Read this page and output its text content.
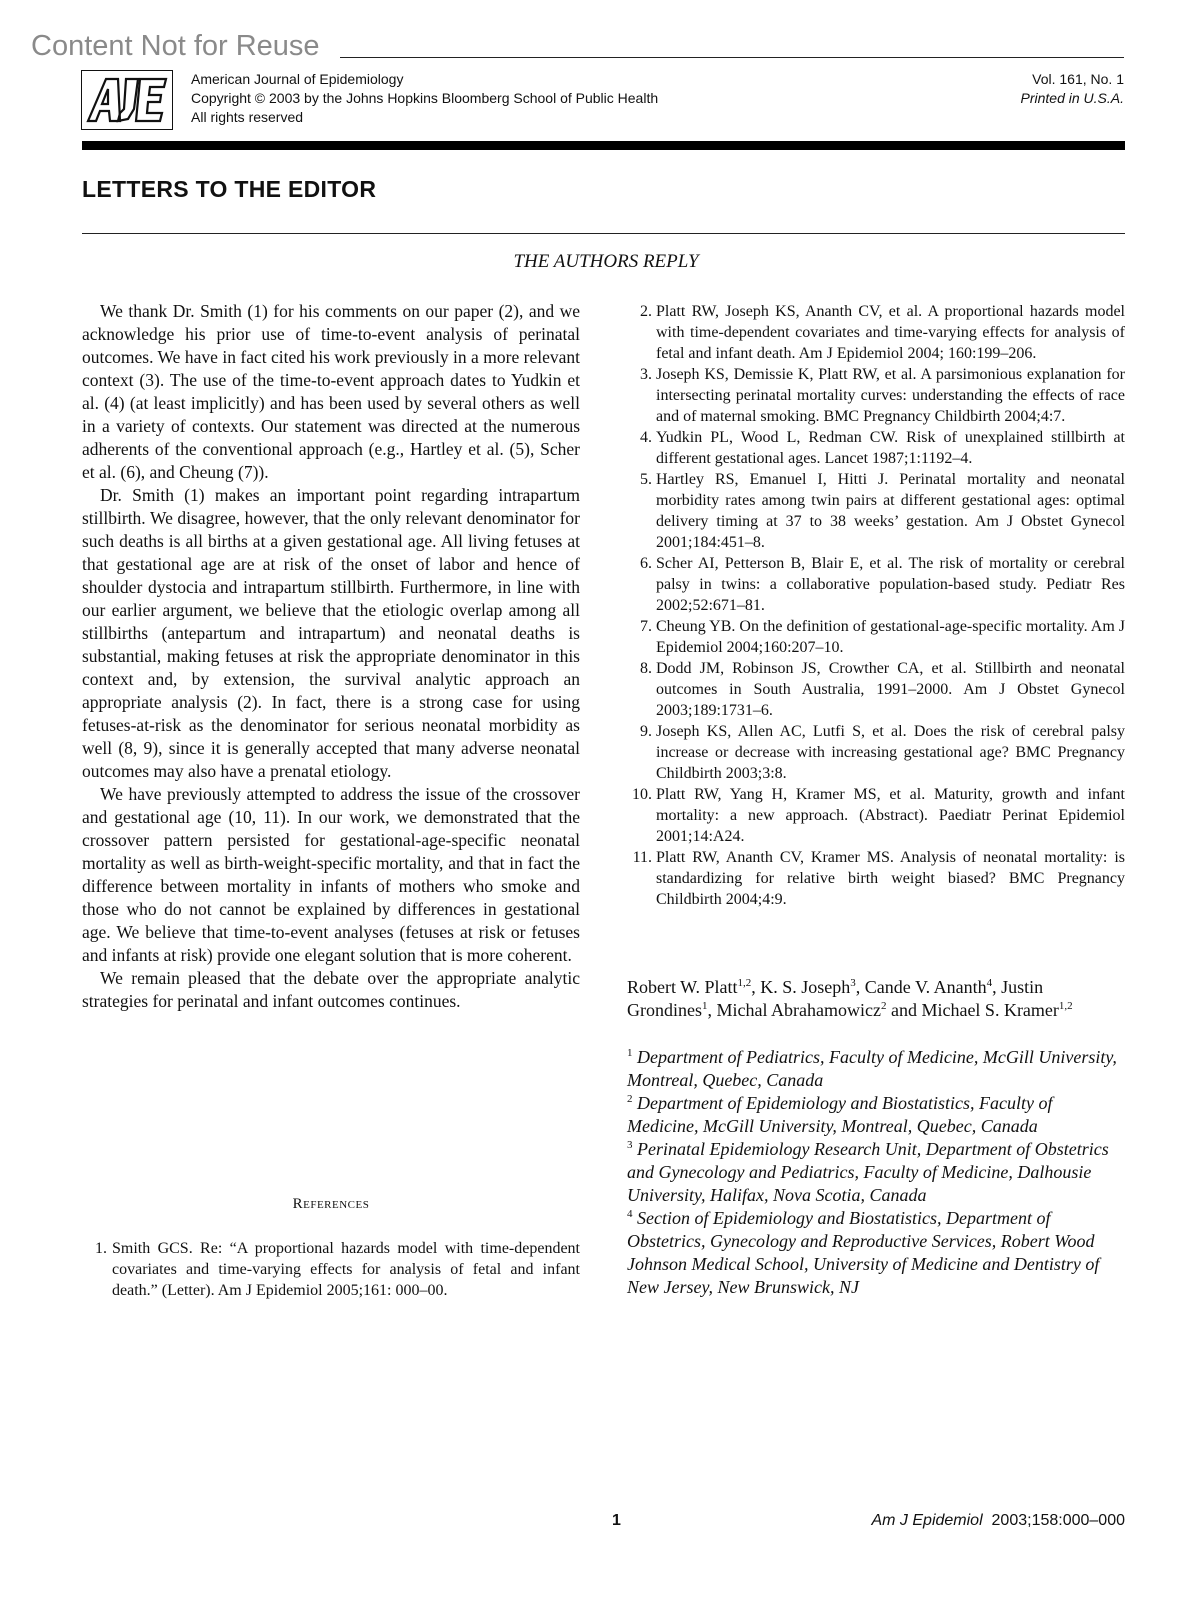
Content Not for Reuse
AJE
American Journal of Epidemiology
Copyright © 2003 by the Johns Hopkins Bloomberg School of Public Health
All rights reserved
Vol. 161, No. 1
Printed in U.S.A.
LETTERS TO THE EDITOR
THE AUTHORS REPLY

We thank Dr. Smith (1) for his comments on our paper (2), and we acknowledge his prior use of time-to-event analysis of perinatal outcomes. We have in fact cited his work previously in a more relevant context (3). The use of the time-to-event approach dates to Yudkin et al. (4) (at least implicitly) and has been used by several others as well in a variety of contexts. Our statement was directed at the numerous adherents of the conventional approach (e.g., Hartley et al. (5), Scher et al. (6), and Cheung (7)).

Dr. Smith (1) makes an important point regarding intrapartum stillbirth. We disagree, however, that the only relevant denominator for such deaths is all births at a given gestational age. All living fetuses at that gestational age are at risk of the onset of labor and hence of shoulder dystocia and intrapartum stillbirth. Furthermore, in line with our earlier argument, we believe that the etiologic overlap among all stillbirths (antepartum and intrapartum) and neonatal deaths is substantial, making fetuses at risk the appropriate denominator in this context and, by extension, the survival analytic approach an appropriate analysis (2). In fact, there is a strong case for using fetuses-at-risk as the denominator for serious neonatal morbidity as well (8, 9), since it is generally accepted that many adverse neonatal outcomes may also have a prenatal etiology.

We have previously attempted to address the issue of the crossover and gestational age (10, 11). In our work, we demonstrated that the crossover pattern persisted for gestational-age-specific neonatal mortality as well as birth-weight-specific mortality, and that in fact the difference between mortality in infants of mothers who smoke and those who do not cannot be explained by differences in gestational age. We believe that time-to-event analyses (fetuses at risk or fetuses and infants at risk) provide one elegant solution that is more coherent.

We remain pleased that the debate over the appropriate analytic strategies for perinatal and infant outcomes continues.

References
1. Smith GCS. Re: “A proportional hazards model with time-dependent covariates and time-varying effects for analysis of fetal and infant death.” (Letter). Am J Epidemiol 2005;161: 000–00.
2. Platt RW, Joseph KS, Ananth CV, et al. A proportional hazards model with time-dependent covariates and time-varying effects for analysis of fetal and infant death. Am J Epidemiol 2004; 160:199–206.
3. Joseph KS, Demissie K, Platt RW, et al. A parsimonious explanation for intersecting perinatal mortality curves: understanding the effects of race and of maternal smoking. BMC Pregnancy Childbirth 2004;4:7.
4. Yudkin PL, Wood L, Redman CW. Risk of unexplained stillbirth at different gestational ages. Lancet 1987;1:1192–4.
5. Hartley RS, Emanuel I, Hitti J. Perinatal mortality and neonatal morbidity rates among twin pairs at different gestational ages: optimal delivery timing at 37 to 38 weeks’ gestation. Am J Obstet Gynecol 2001;184:451–8.
6. Scher AI, Petterson B, Blair E, et al. The risk of mortality or cerebral palsy in twins: a collaborative population-based study. Pediatr Res 2002;52:671–81.
7. Cheung YB. On the definition of gestational-age-specific mortality. Am J Epidemiol 2004;160:207–10.
8. Dodd JM, Robinson JS, Crowther CA, et al. Stillbirth and neonatal outcomes in South Australia, 1991–2000. Am J Obstet Gynecol 2003;189:1731–6.
9. Joseph KS, Allen AC, Lutfi S, et al. Does the risk of cerebral palsy increase or decrease with increasing gestational age? BMC Pregnancy Childbirth 2003;3:8.
10. Platt RW, Yang H, Kramer MS, et al. Maturity, growth and infant mortality: a new approach. (Abstract). Paediatr Perinat Epidemiol 2001;14:A24.
11. Platt RW, Ananth CV, Kramer MS. Analysis of neonatal mortality: is standardizing for relative birth weight biased? BMC Pregnancy Childbirth 2004;4:9.
Robert W. Platt$^{1,2}$, K. S. Joseph$^3$, Cande V. Ananth$^4$, Justin Grondines$^1$, Michal Abrahamowicz$^2$ and Michael S. Kramer$^{1,2}$
$^1$ Department of Pediatrics, Faculty of Medicine, McGill University, Montreal, Quebec, Canada
$^2$ Department of Epidemiology and Biostatistics, Faculty of Medicine, McGill University, Montreal, Quebec, Canada
$^3$ Perinatal Epidemiology Research Unit, Department of Obstetrics and Gynecology and Pediatrics, Faculty of Medicine, Dalhousie University, Halifax, Nova Scotia, Canada
$^4$ Section of Epidemiology and Biostatistics, Department of Obstetrics, Gynecology and Reproductive Services, Robert Wood Johnson Medical School, University of Medicine and Dentistry of New Jersey, New Brunswick, NJ
1	Am J Epidemiol 2003;158:000–000
